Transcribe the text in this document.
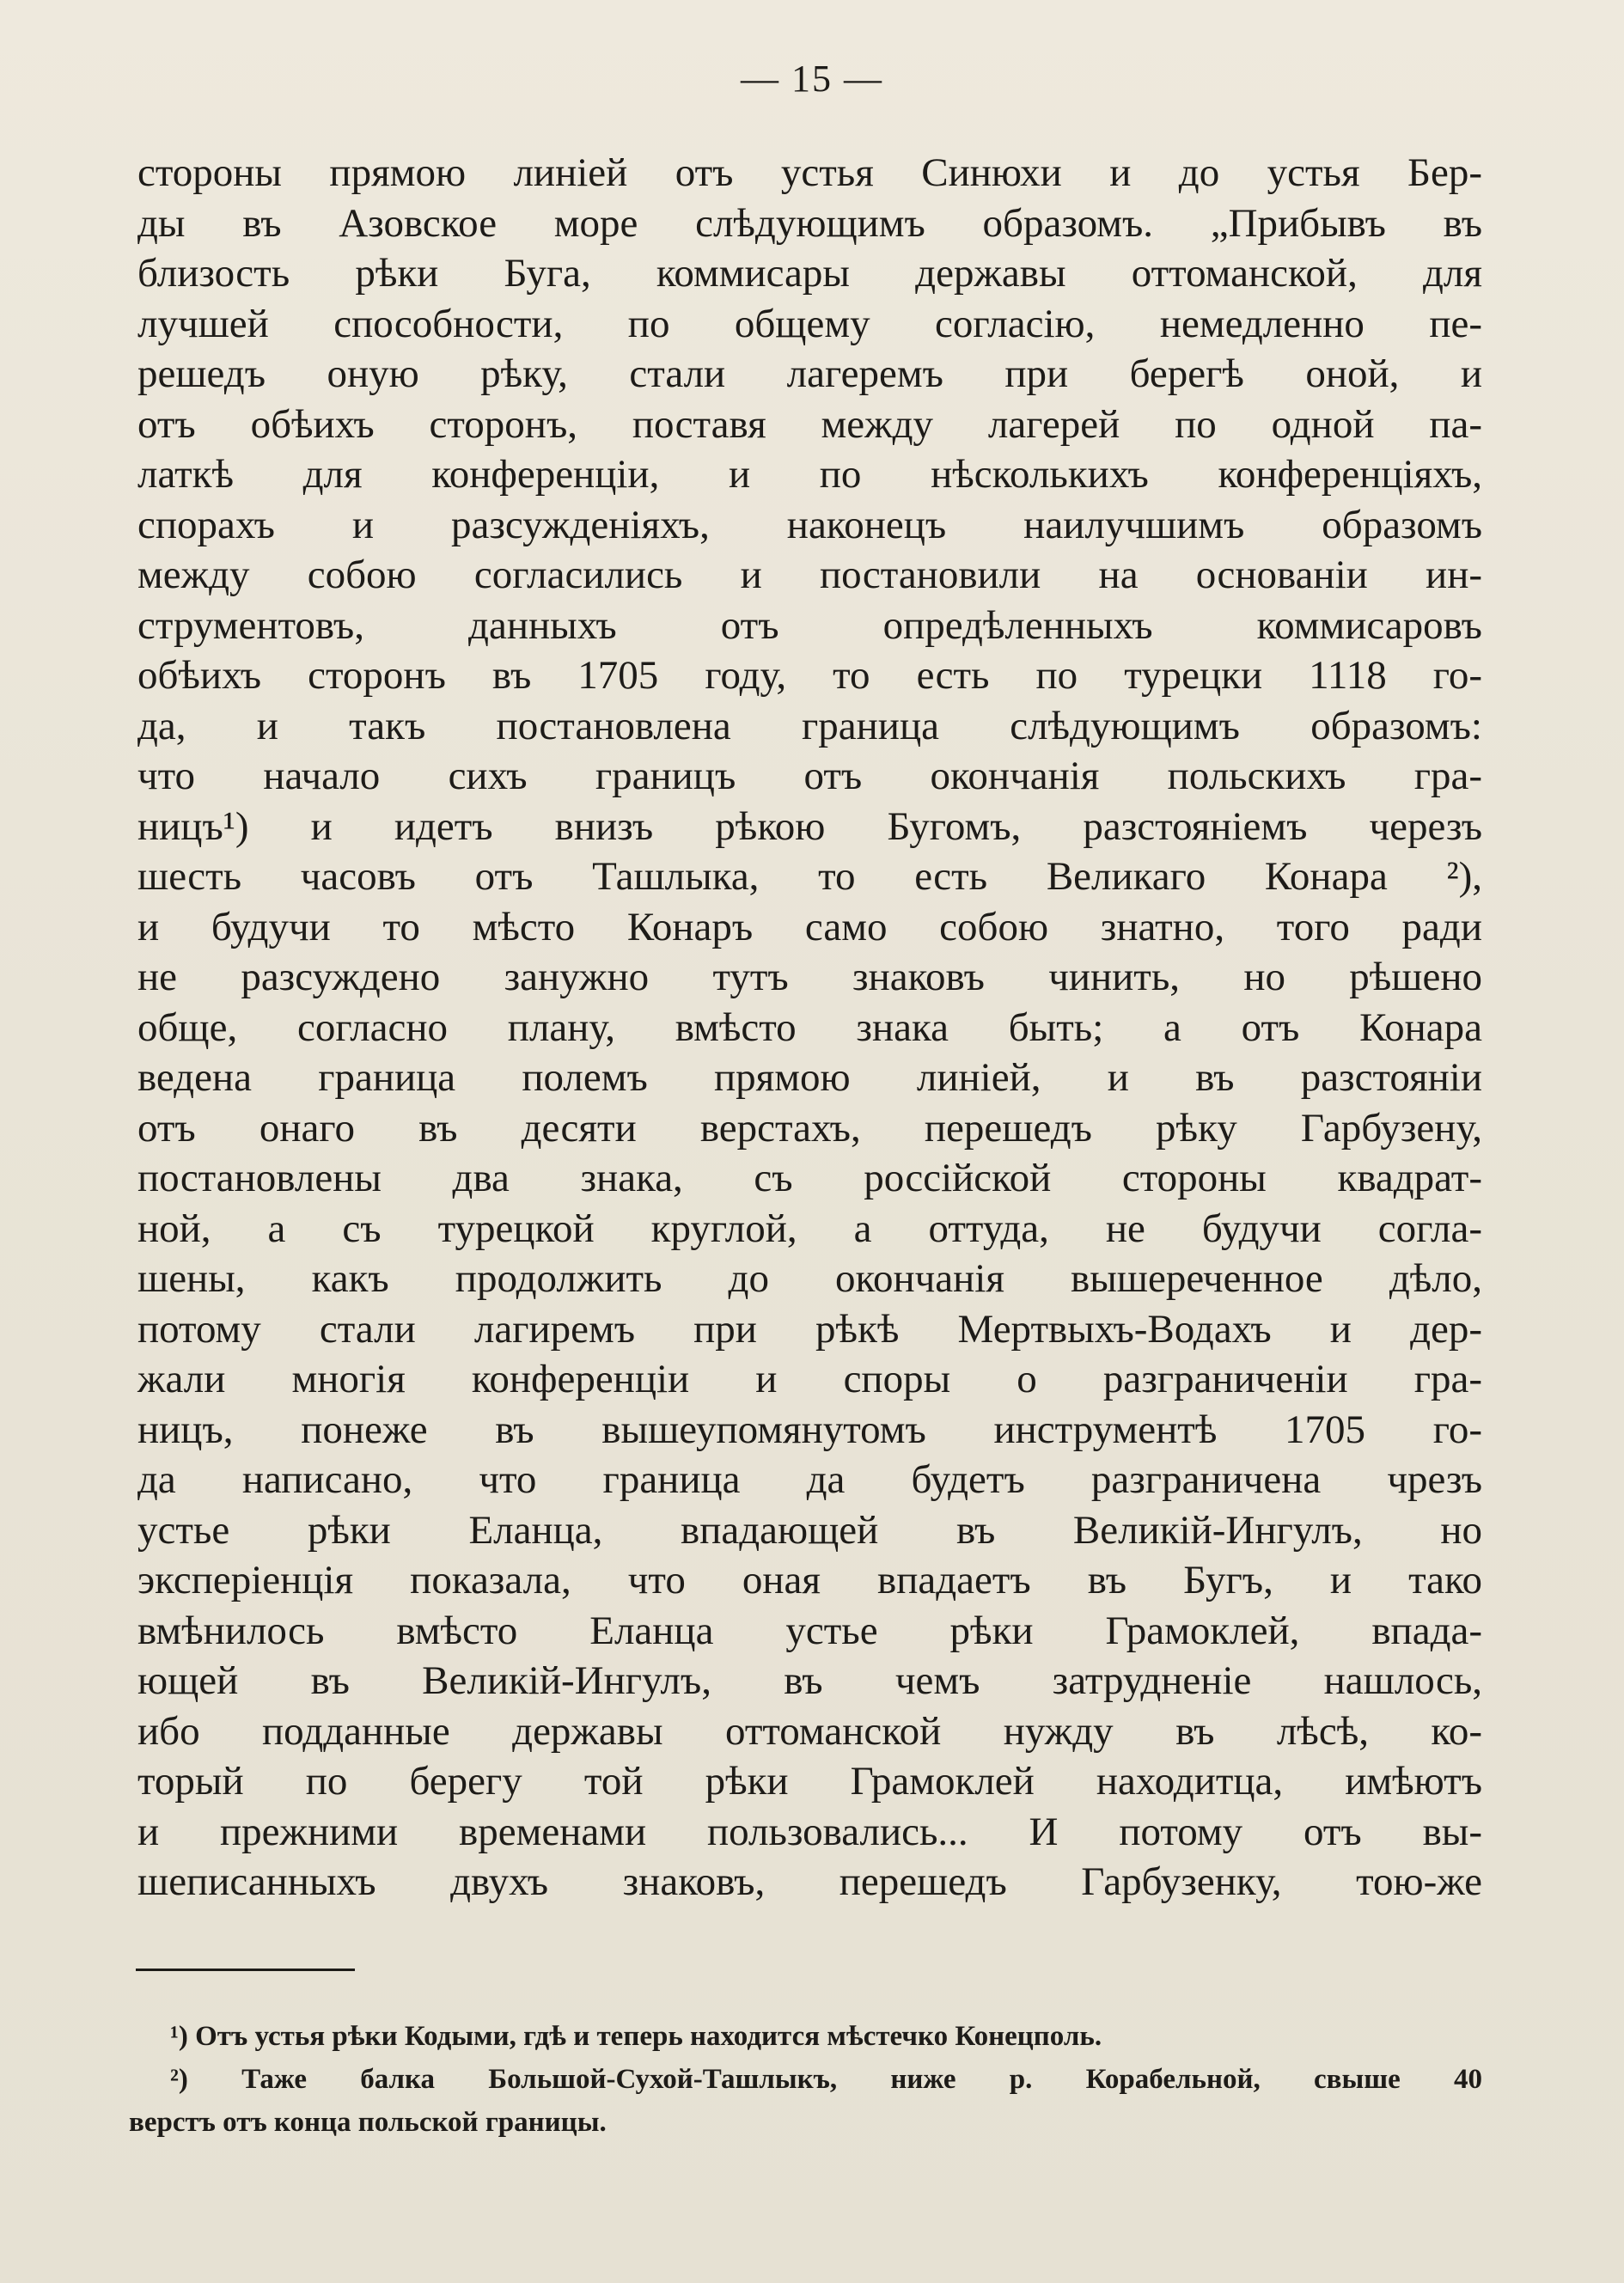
— 15 —
стороны прямою линіей отъ устья Синюхи и до устья Бер-
ды въ Азовское море слѣдующимъ образомъ. „Прибывъ въ
близость рѣки Буга, коммисары державы оттоманской, для
лучшей способности, по общему согласію, немедленно пе-
решедъ оную рѣку, стали лагеремъ при берегѣ оной, и
отъ обѣихъ сторонъ, поставя между лагерей по одной па-
латкѣ для конференціи, и по нѣсколькихъ конференціяхъ,
спорахъ и разсужденіяхъ, наконецъ наилучшимъ образомъ
между собою согласились и постановили на основаніи ин-
струментовъ, данныхъ отъ опредѣленныхъ коммисаровъ
обѣихъ сторонъ въ 1705 году, то есть по турецки 1118 го-
да, и такъ постановлена граница слѣдующимъ образомъ:
что начало сихъ границъ отъ окончанія польскихъ гра-
ницъ¹) и идетъ внизъ рѣкою Бугомъ, разстояніемъ черезъ
шесть часовъ отъ Ташлыка, то есть Великаго Конара ²),
и будучи то мѣсто Конаръ само собою знатно, того ради
не разсуждено занужно тутъ знаковъ чинить, но рѣшено
обще, согласно плану, вмѣсто знака быть; а отъ Конара
ведена граница полемъ прямою линіей, и въ разстояніи
отъ онаго въ десяти верстахъ, перешедъ рѣку Гарбузену,
постановлены два знака, съ россійской стороны квадрат-
ной, а съ турецкой круглой, а оттуда, не будучи согла-
шены, какъ продолжить до окончанія вышереченное дѣло,
потому стали лагиремъ при рѣкѣ Мертвыхъ-Водахъ и дер-
жали многія конференціи и споры о разграниченіи гра-
ницъ, понеже въ вышеупомянутомъ инструментѣ 1705 го-
да написано, что граница да будетъ разграничена чрезъ
устье рѣки Еланца, впадающей въ Великій-Ингулъ, но
эксперіенція показала, что оная впадаетъ въ Бугъ, и тако
вмѣнилось вмѣсто Еланца устье рѣки Грамоклей, впада-
ющей въ Великій-Ингулъ, въ чемъ затрудненіе нашлось,
ибо подданные державы оттоманской нужду въ лѣсѣ, ко-
торый по берегу той рѣки Грамоклей находитца, имѣютъ
и прежними временами пользовались... И потому отъ вы-
шеписанныхъ двухъ знаковъ, перешедъ Гарбузенку, тою-же
¹) Отъ устья рѣки Кодыми, гдѣ и теперь находится мѣстечко Конецполь.
²) Таже балка Большой-Сухой-Ташлыкъ, ниже р. Корабельной, свыше 40
верстъ отъ конца польской границы.
